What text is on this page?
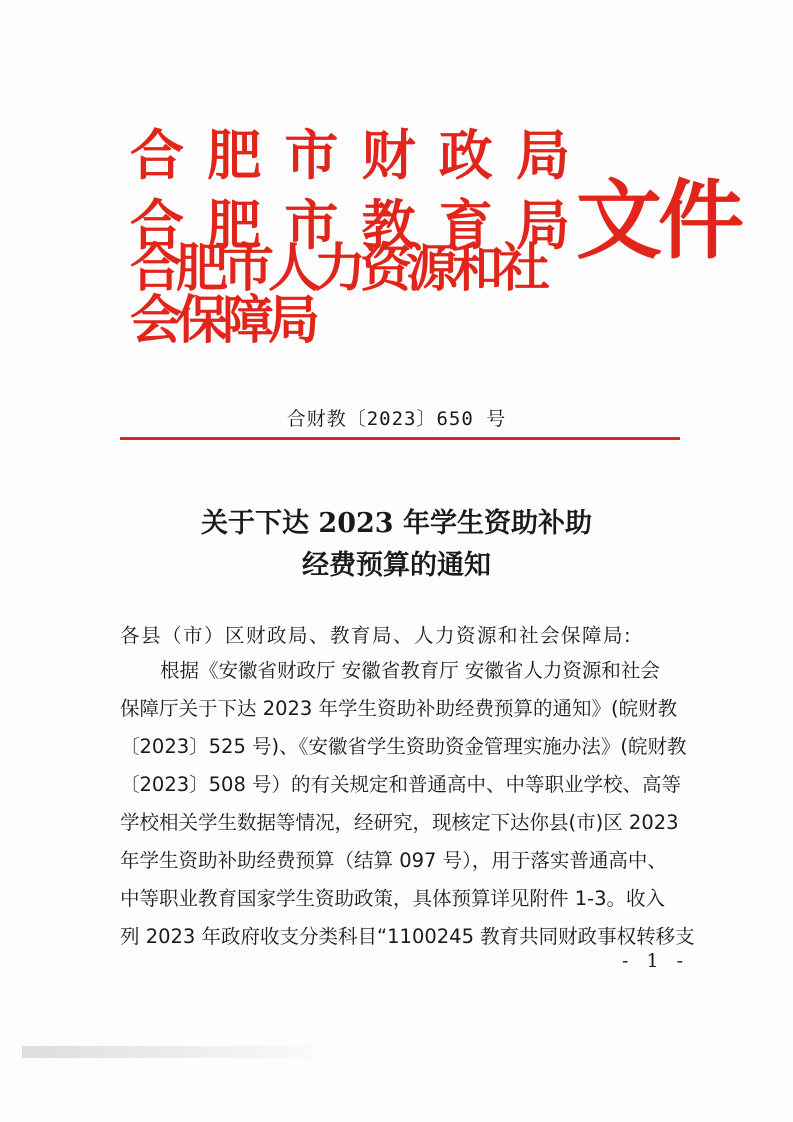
合 肥 市 财 政 局
合 肥 市 教 育 局
合肥市人力资源和社会保障局
文件
合财教〔2023〕650 号
关于下达 2023 年学生资助补助
经费预算的通知
各县（市）区财政局、教育局、人力资源和社会保障局:
根据《安徽省财政厅 安徽省教育厅 安徽省人力资源和社会
保障厅关于下达 2023 年学生资助补助经费预算的通知》(皖财教
〔2023〕525 号)、《安徽省学生资助资金管理实施办法》(皖财教
〔2023〕508 号）的有关规定和普通高中、中等职业学校、高等
学校相关学生数据等情况，经研究，现核定下达你县(市)区 2023
年学生资助补助经费预算（结算 097 号），用于落实普通高中、
中等职业教育国家学生资助政策，具体预算详见附件 1-3。收入
列 2023 年政府收支分类科目“1100245 教育共同财政事权转移支
- 1 -
